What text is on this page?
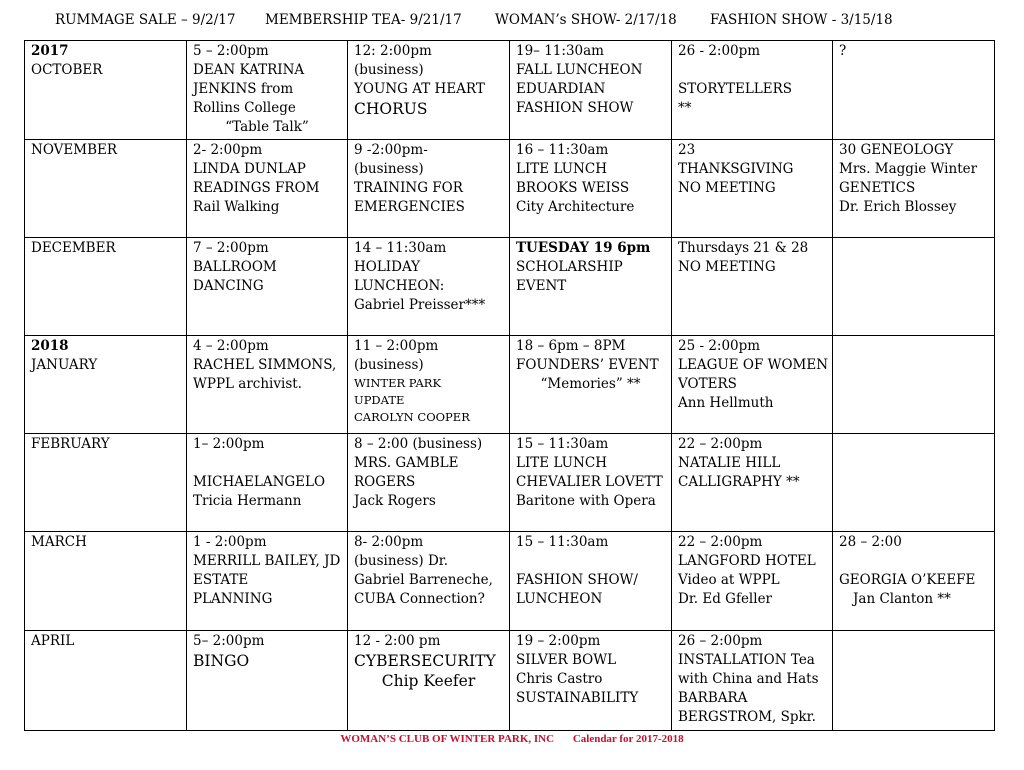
RUMMAGE SALE – 9/2/17 MEMBERSHIP TEA- 9/21/17 WOMAN’s SHOW- 2/17/18 FASHION SHOW - 3/15/18
2017
OCTOBER	5 – 2:00pm
DEAN KATRINA
JENKINS from
Rollins College
“Table Talk”	12: 2:00pm
(business)
YOUNG AT HEART
CHORUS	19– 11:30am
FALL LUNCHEON
EDUARDIAN
FASHION SHOW	26 - 2:00pm

STORYTELLERS
**	?

NOVEMBER	2- 2:00pm
LINDA DUNLAP
READINGS FROM
Rail Walking	9 -2:00pm-
(business)
TRAINING FOR
EMERGENCIES	16 – 11:30am
LITE LUNCH
BROOKS WEISS
City Architecture	23
THANKSGIVING
NO MEETING	30 GENEOLOGY
Mrs. Maggie Winter
GENETICS
Dr. Erich Blossey

DECEMBER	7 – 2:00pm
BALLROOM
DANCING	14 – 11:30am
HOLIDAY
LUNCHEON:
Gabriel Preisser***	TUESDAY 19 6pm
SCHOLARSHIP
EVENT	Thursdays 21 & 28
NO MEETING	

2018
JANUARY	4 – 2:00pm
RACHEL SIMMONS,
WPPL archivist.	11 – 2:00pm
(business)
WINTER PARK
UPDATE
CAROLYN COOPER	18 – 6pm – 8PM
FOUNDERS’ EVENT
“Memories” **	25 - 2:00pm
LEAGUE OF WOMEN
VOTERS
Ann Hellmuth	

FEBRUARY	1– 2:00pm

MICHAELANGELO
Tricia Hermann	8 – 2:00 (business)
MRS. GAMBLE
ROGERS
Jack Rogers	15 – 11:30am
LITE LUNCH
CHEVALIER LOVETT
Baritone with Opera	22 – 2:00pm
NATALIE HILL
CALLIGRAPHY **	

MARCH	1 - 2:00pm
MERRILL BAILEY, JD
ESTATE
PLANNING	8- 2:00pm
(business) Dr.
Gabriel Barreneche,
CUBA Connection?	15 – 11:30am

FASHION SHOW/
LUNCHEON	22 – 2:00pm
LANGFORD HOTEL
Video at WPPL
Dr. Ed Gfeller	28 – 2:00

GEORGIA O’KEEFE
Jan Clanton **

APRIL	5– 2:00pm
BINGO	12 - 2:00 pm
CYBERSECURITY
Chip Keefer	19 – 2:00pm
SILVER BOWL
Chris Castro
SUSTAINABILITY	26 – 2:00pm
INSTALLATION Tea
with China and Hats
BARBARA
BERGSTROM, Spkr.	

WOMAN’S CLUB OF WINTER PARK, INC Calendar for 2017-2018
